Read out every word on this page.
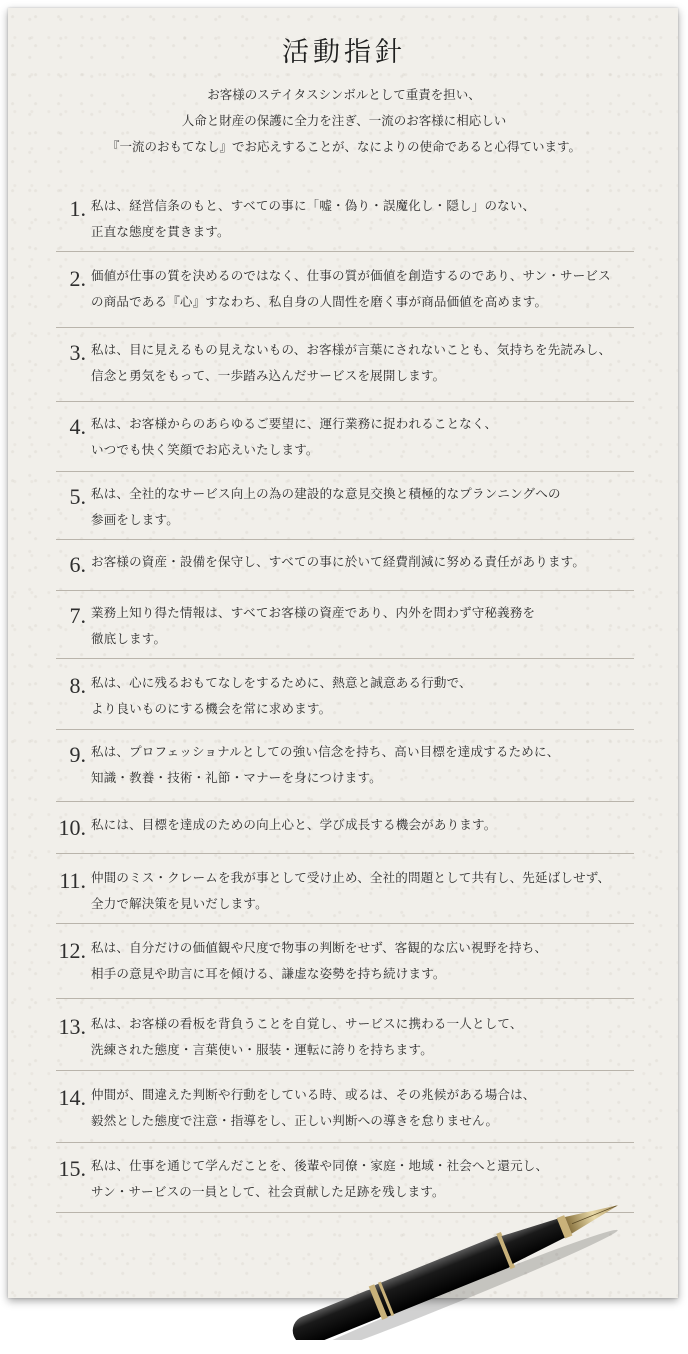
活動指針
お客様のステイタスシンボルとして重責を担い、
人命と財産の保護に全力を注ぎ、一流のお客様に相応しい
『一流のおもてなし』でお応えすることが、なによりの使命であると心得ています。
1. 私は、経営信条のもと、すべての事に「嘘・偽り・誤魔化し・隠し」のない、
正直な態度を貫きます。
2. 価値が仕事の質を決めるのではなく、仕事の質が価値を創造するのであり、サン・サービス
の商品である『心』すなわち、私自身の人間性を磨く事が商品価値を高めます。
3. 私は、目に見えるもの見えないもの、お客様が言葉にされないことも、気持ちを先読みし、
信念と勇気をもって、一歩踏み込んだサービスを展開します。
4. 私は、お客様からのあらゆるご要望に、運行業務に捉われることなく、
いつでも快く笑顔でお応えいたします。
5. 私は、全社的なサービス向上の為の建設的な意見交換と積極的なプランニングへの
参画をします。
6. お客様の資産・設備を保守し、すべての事に於いて経費削減に努める責任があります。
7. 業務上知り得た情報は、すべてお客様の資産であり、内外を問わず守秘義務を
徹底します。
8. 私は、心に残るおもてなしをするために、熱意と誠意ある行動で、
より良いものにする機会を常に求めます。
9. 私は、プロフェッショナルとしての強い信念を持ち、高い目標を達成するために、
知識・教養・技術・礼節・マナーを身につけます。
10. 私には、目標を達成のための向上心と、学び成長する機会があります。
11. 仲間のミス・クレームを我が事として受け止め、全社的問題として共有し、先延ばしせず、
全力で解決策を見いだします。
12. 私は、自分だけの価値観や尺度で物事の判断をせず、客観的な広い視野を持ち、
相手の意見や助言に耳を傾ける、謙虚な姿勢を持ち続けます。
13. 私は、お客様の看板を背負うことを自覚し、サービスに携わる一人として、
洗練された態度・言葉使い・服装・運転に誇りを持ちます。
14. 仲間が、間違えた判断や行動をしている時、或るは、その兆候がある場合は、
毅然とした態度で注意・指導をし、正しい判断への導きを怠りません。
15. 私は、仕事を通じて学んだことを、後輩や同僚・家庭・地域・社会へと還元し、
サン・サービスの一員として、社会貢献した足跡を残します。
